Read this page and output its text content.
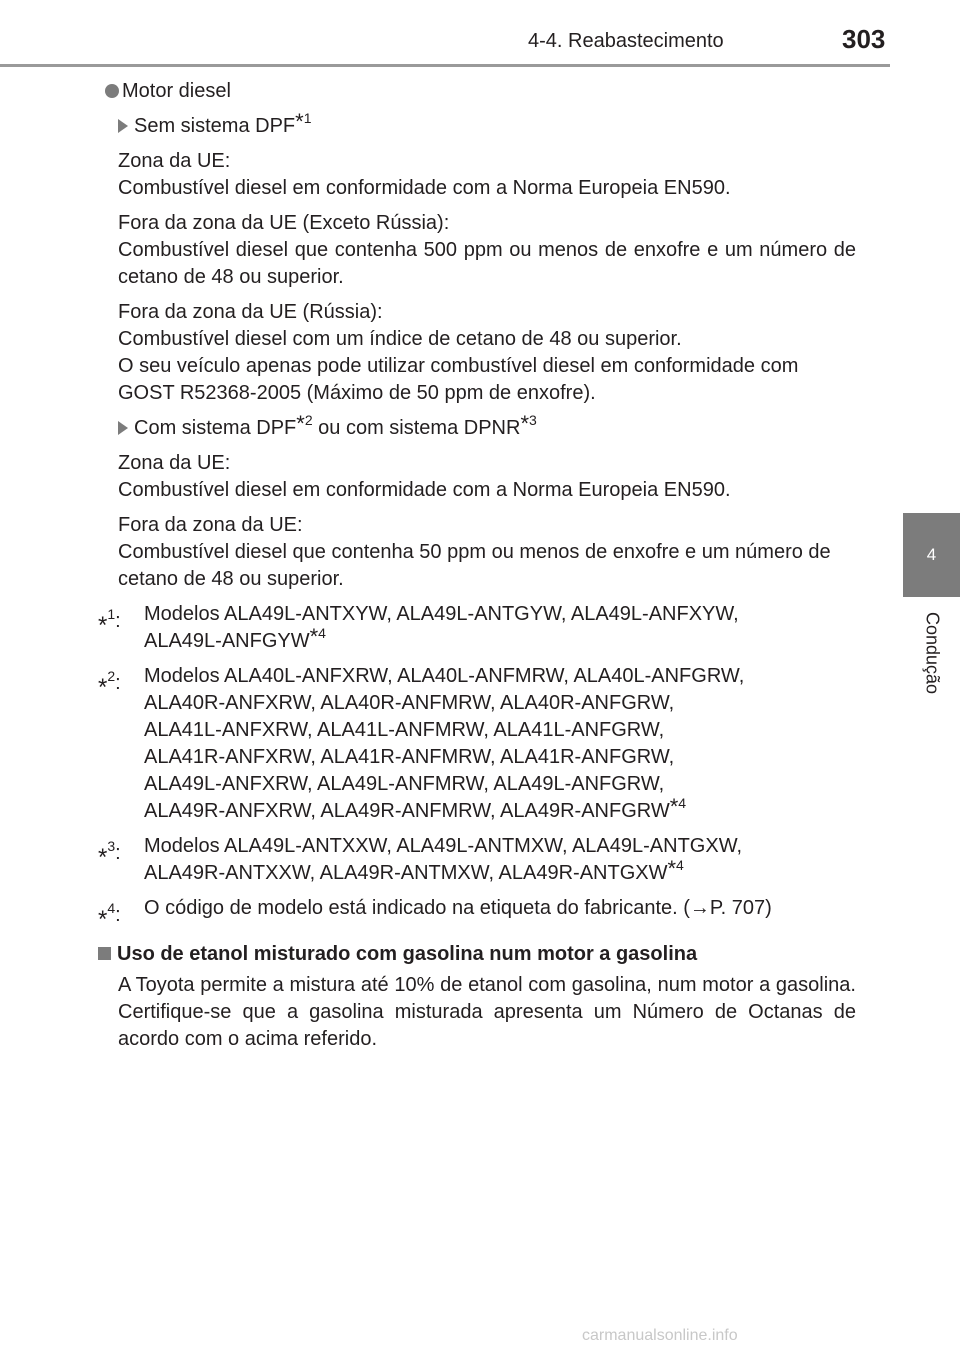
4-4. Reabastecimento	303
4
Condução
Motor diesel
Sem sistema DPF$^{*1}$
Zona da UE:
Combustível diesel em conformidade com a Norma Europeia EN590.
Fora da zona da UE (Exceto Rússia):
Combustível diesel que contenha 500 ppm ou menos de enxofre e um número de cetano de 48 ou superior.
Fora da zona da UE (Rússia):
Combustível diesel com um índice de cetano de 48 ou superior.
O seu veículo apenas pode utilizar combustível diesel em conformidade com GOST R52368-2005 (Máximo de 50 ppm de enxofre).
Com sistema DPF$^{*2}$ ou com sistema DPNR$^{*3}$
Zona da UE:
Combustível diesel em conformidade com a Norma Europeia EN590.
Fora da zona da UE:
Combustível diesel que contenha 50 ppm ou menos de enxofre e um número de cetano de 48 ou superior.
*$^1$:	Modelos ALA49L-ANTXYW, ALA49L-ANTGYW, ALA49L-ANFXYW,
ALA49L-ANFGYW$^{*4}$
*$^2$:	Modelos ALA40L-ANFXRW, ALA40L-ANFMRW, ALA40L-ANFGRW,
ALA40R-ANFXRW, ALA40R-ANFMRW, ALA40R-ANFGRW,
ALA41L-ANFXRW, ALA41L-ANFMRW, ALA41L-ANFGRW,
ALA41R-ANFXRW, ALA41R-ANFMRW, ALA41R-ANFGRW,
ALA49L-ANFXRW, ALA49L-ANFMRW, ALA49L-ANFGRW,
ALA49R-ANFXRW, ALA49R-ANFMRW, ALA49R-ANFGRW$^{*4}$
*$^3$:	Modelos ALA49L-ANTXXW, ALA49L-ANTMXW, ALA49L-ANTGXW,
ALA49R-ANTXXW, ALA49R-ANTMXW, ALA49R-ANTGXW$^{*4}$
*$^4$:	O código de modelo está indicado na etiqueta do fabricante. (→P. 707)
Uso de etanol misturado com gasolina num motor a gasolina
A Toyota permite a mistura até 10% de etanol com gasolina, num motor a gasolina. Certifique-se que a gasolina misturada apresenta um Número de Octanas de acordo com o acima referido.
carmanualsonline.info
